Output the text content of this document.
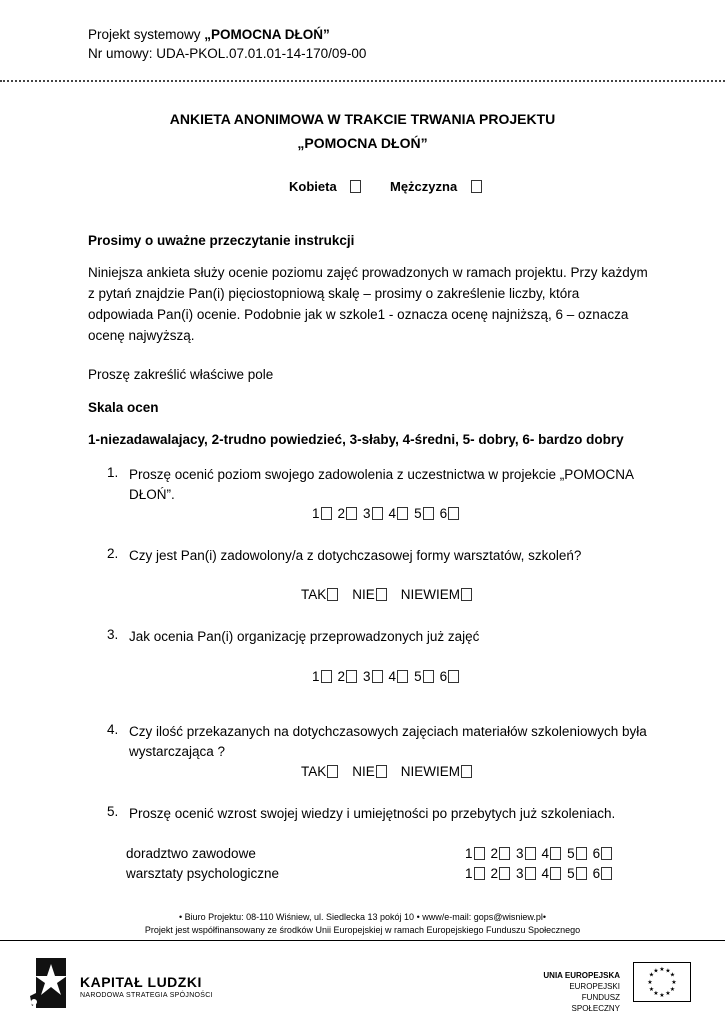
Projekt systemowy „POMOCNA DŁOŃ”
Nr umowy: UDA-PKOL.07.01.01-14-170/09-00
ANKIETA ANONIMOWA W TRAKCIE TRWANIA PROJEKTU
„POMOCNA DŁOŃ”
Kobieta	Mężczyzna
Prosimy o uważne przeczytanie instrukcji
Niniejsza ankieta służy ocenie poziomu zajęć prowadzonych w ramach projektu. Przy każdym
z pytań znajdzie Pan(i) pięciostopniową skalę – prosimy o zakreślenie liczby, która
odpowiada Pan(i) ocenie. Podobnie jak w szkole1 - oznacza ocenę najniższą, 6 – oznacza
ocenę najwyższą.
Proszę zakreślić właściwe pole
Skala ocen
1-niezadawalajacy, 2-trudno powiedzieć, 3-słaby, 4-średni, 5- dobry, 6- bardzo dobry
1. Proszę ocenić poziom swojego zadowolenia z uczestnictwa w projekcie „POMOCNA
DŁOŃ”.
1 2 3 4 5 6
2. Czy jest Pan(i) zadowolony/a z dotychczasowej formy warsztatów, szkoleń?
TAK NIE NIEWIEM
3. Jak ocenia Pan(i) organizację przeprowadzonych już zajęć
1 2 3 4 5 6
4. Czy ilość przekazanych na dotychczasowych zajęciach materiałów szkoleniowych była
wystarczająca ?
TAK NIE NIEWIEM
5. Proszę ocenić wzrost swojej wiedzy i umiejętności po przebytych już szkoleniach.
doradztwo zawodowe	1 2 3 4 5 6
warsztaty psychologiczne	1 2 3 4 5 6
• Biuro Projektu: 08-110 Wiśniew, ul. Siedlecka 13 pokój 10 • www/e-mail: gops@wisniew.pl•
Projekt jest współfinansowany ze środków Unii Europejskiej w ramach Europejskiego Funduszu Społecznego
KAPITAŁ LUDZKI
NARODOWA STRATEGIA SPÓJNOŚCI
UNIA EUROPEJSKA
EUROPEJSKI
FUNDUSZ SPOŁECZNY
★ ★
★
★
★
★
★
★
★
★
★
★
